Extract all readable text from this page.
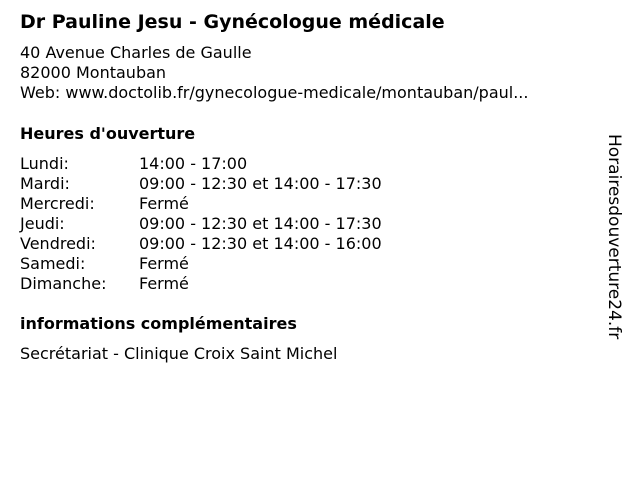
Dr Pauline Jesu - Gynécologue médicale
40 Avenue Charles de Gaulle
82000 Montauban
Web: www.doctolib.fr/gynecologue-medicale/montauban/paul...
Heures d'ouverture
Lundi:	14:00 - 17:00
Mardi:	09:00 - 12:30 et 14:00 - 17:30
Mercredi:	Fermé
Jeudi:	09:00 - 12:30 et 14:00 - 17:30
Vendredi:	09:00 - 12:30 et 14:00 - 16:00
Samedi:	Fermé
Dimanche:	Fermé
informations complémentaires
Secrétariat - Clinique Croix Saint Michel
Horairesdouverture24.fr
